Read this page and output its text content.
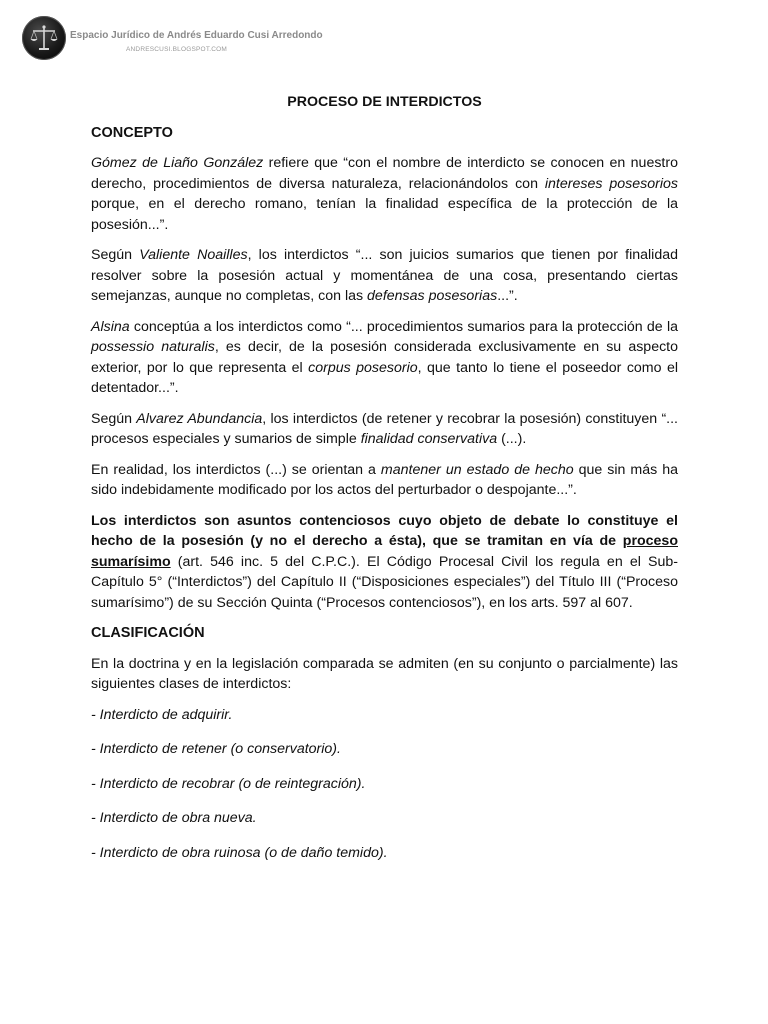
Espacio Jurídico de Andrés Eduardo Cusi Arredondo
ANDRESCUSI.BLOGSPOT.COM
PROCESO DE INTERDICTOS
CONCEPTO

Gómez de Liaño González refiere que “con el nombre de interdicto se conocen en nuestro derecho, procedimientos de diversa naturaleza, relacionándolos con intereses posesorios porque, en el derecho romano, tenían la finalidad específica de la protección de la posesión...”.

Según Valiente Noailles, los interdictos “... son juicios sumarios que tienen por finalidad resolver sobre la posesión actual y momentánea de una cosa, presentando ciertas semejanzas, aunque no completas, con las defensas posesorias...”.

Alsina conceptúa a los interdictos como “... procedimientos sumarios para la protección de la possessio naturalis, es decir, de la posesión considerada exclusivamente en su aspecto exterior, por lo que representa el corpus posesorio, que tanto lo tiene el poseedor como el detentador...”.

Según Alvarez Abundancia, los interdictos (de retener y recobrar la posesión) constituyen “... procesos especiales y sumarios de simple finalidad conservativa (...).

En realidad, los interdictos (...) se orientan a mantener un estado de hecho que sin más ha sido indebidamente modificado por los actos del perturbador o despojante...”.

Los interdictos son asuntos contenciosos cuyo objeto de debate lo constituye el hecho de la posesión (y no el derecho a ésta), que se tramitan en vía de proceso sumarísimo (art. 546 inc. 5 del C.P.C.). El Código Procesal Civil los regula en el Sub-Capítulo 5° (“Interdictos”) del Capítulo II (“Disposiciones especiales”) del Título III (“Proceso sumarísimo”) de su Sección Quinta (“Procesos contenciosos”), en los arts. 597 al 607.

CLASIFICACIÓN

En la doctrina y en la legislación comparada se admiten (en su conjunto o parcialmente) las siguientes clases de interdictos:

- Interdicto de adquirir.
- Interdicto de retener (o conservatorio).
- Interdicto de recobrar (o de reintegración).
- Interdicto de obra nueva.
- Interdicto de obra ruinosa (o de daño temido).
